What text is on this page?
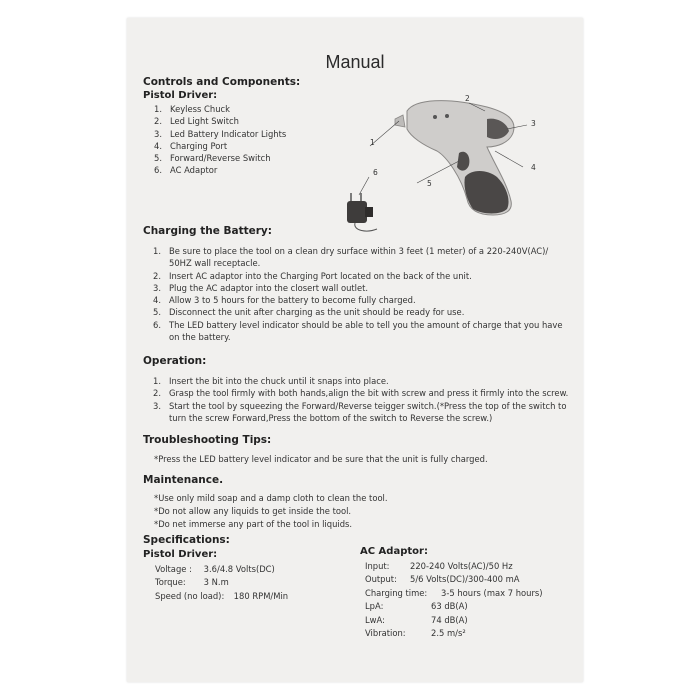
Manual
Controls and Components:
Pistol Driver:
1. Keyless Chuck
2. Led Light Switch
3. Led Battery Indicator Lights
4. Charging Port
5. Forward/Reverse Switch
6. AC Adaptor
1
2
3
4
5
6
Charging the Battery:
1. Be sure to place the tool on a clean dry surface within 3 feet (1 meter) of a 220-240V(AC)/ 50HZ wall receptacle.
2. Insert AC adaptor into the Charging Port located on the back of the unit.
3. Plug the AC adaptor into the closert wall outlet.
4. Allow 3 to 5 hours for the battery to become fully charged.
5. Disconnect the unit after charging as the unit should be ready for use.
6. The LED battery level indicator should be able to tell you the amount of charge that you have on the battery.
Operation:
1. Insert the bit into the chuck until it snaps into place.
2. Grasp the tool firmly with both hands,align the bit with screw and press it firmly into the screw.
3. Start the tool by squeezing the Forward/Reverse teigger switch.(*Press the top of the switch to turn the screw Forward,Press the bottom of the switch to Reverse the screw.)
Troubleshooting Tips:
*Press the LED battery level indicator and be sure that the unit is fully charged.
Maintenance.
*Use only mild soap and a damp cloth to clean the tool.
*Do not allow any liquids to get inside the tool.
*Do net immerse any part of the tool in liquids.
Specifications:
Pistol Driver:
Voltage : 3.6/4.8 Volts(DC)
Torque: 3 N.m
Speed (no load): 180 RPM/Min
AC Adaptor:
Input: 220-240 Volts(AC)/50 Hz
Output: 5/6 Volts(DC)/300-400 mA
Charging time: 3-5 hours (max 7 hours)
LpA:	63 dB(A)
LwA:	74 dB(A)
Vibration:	2.5 m/s²
